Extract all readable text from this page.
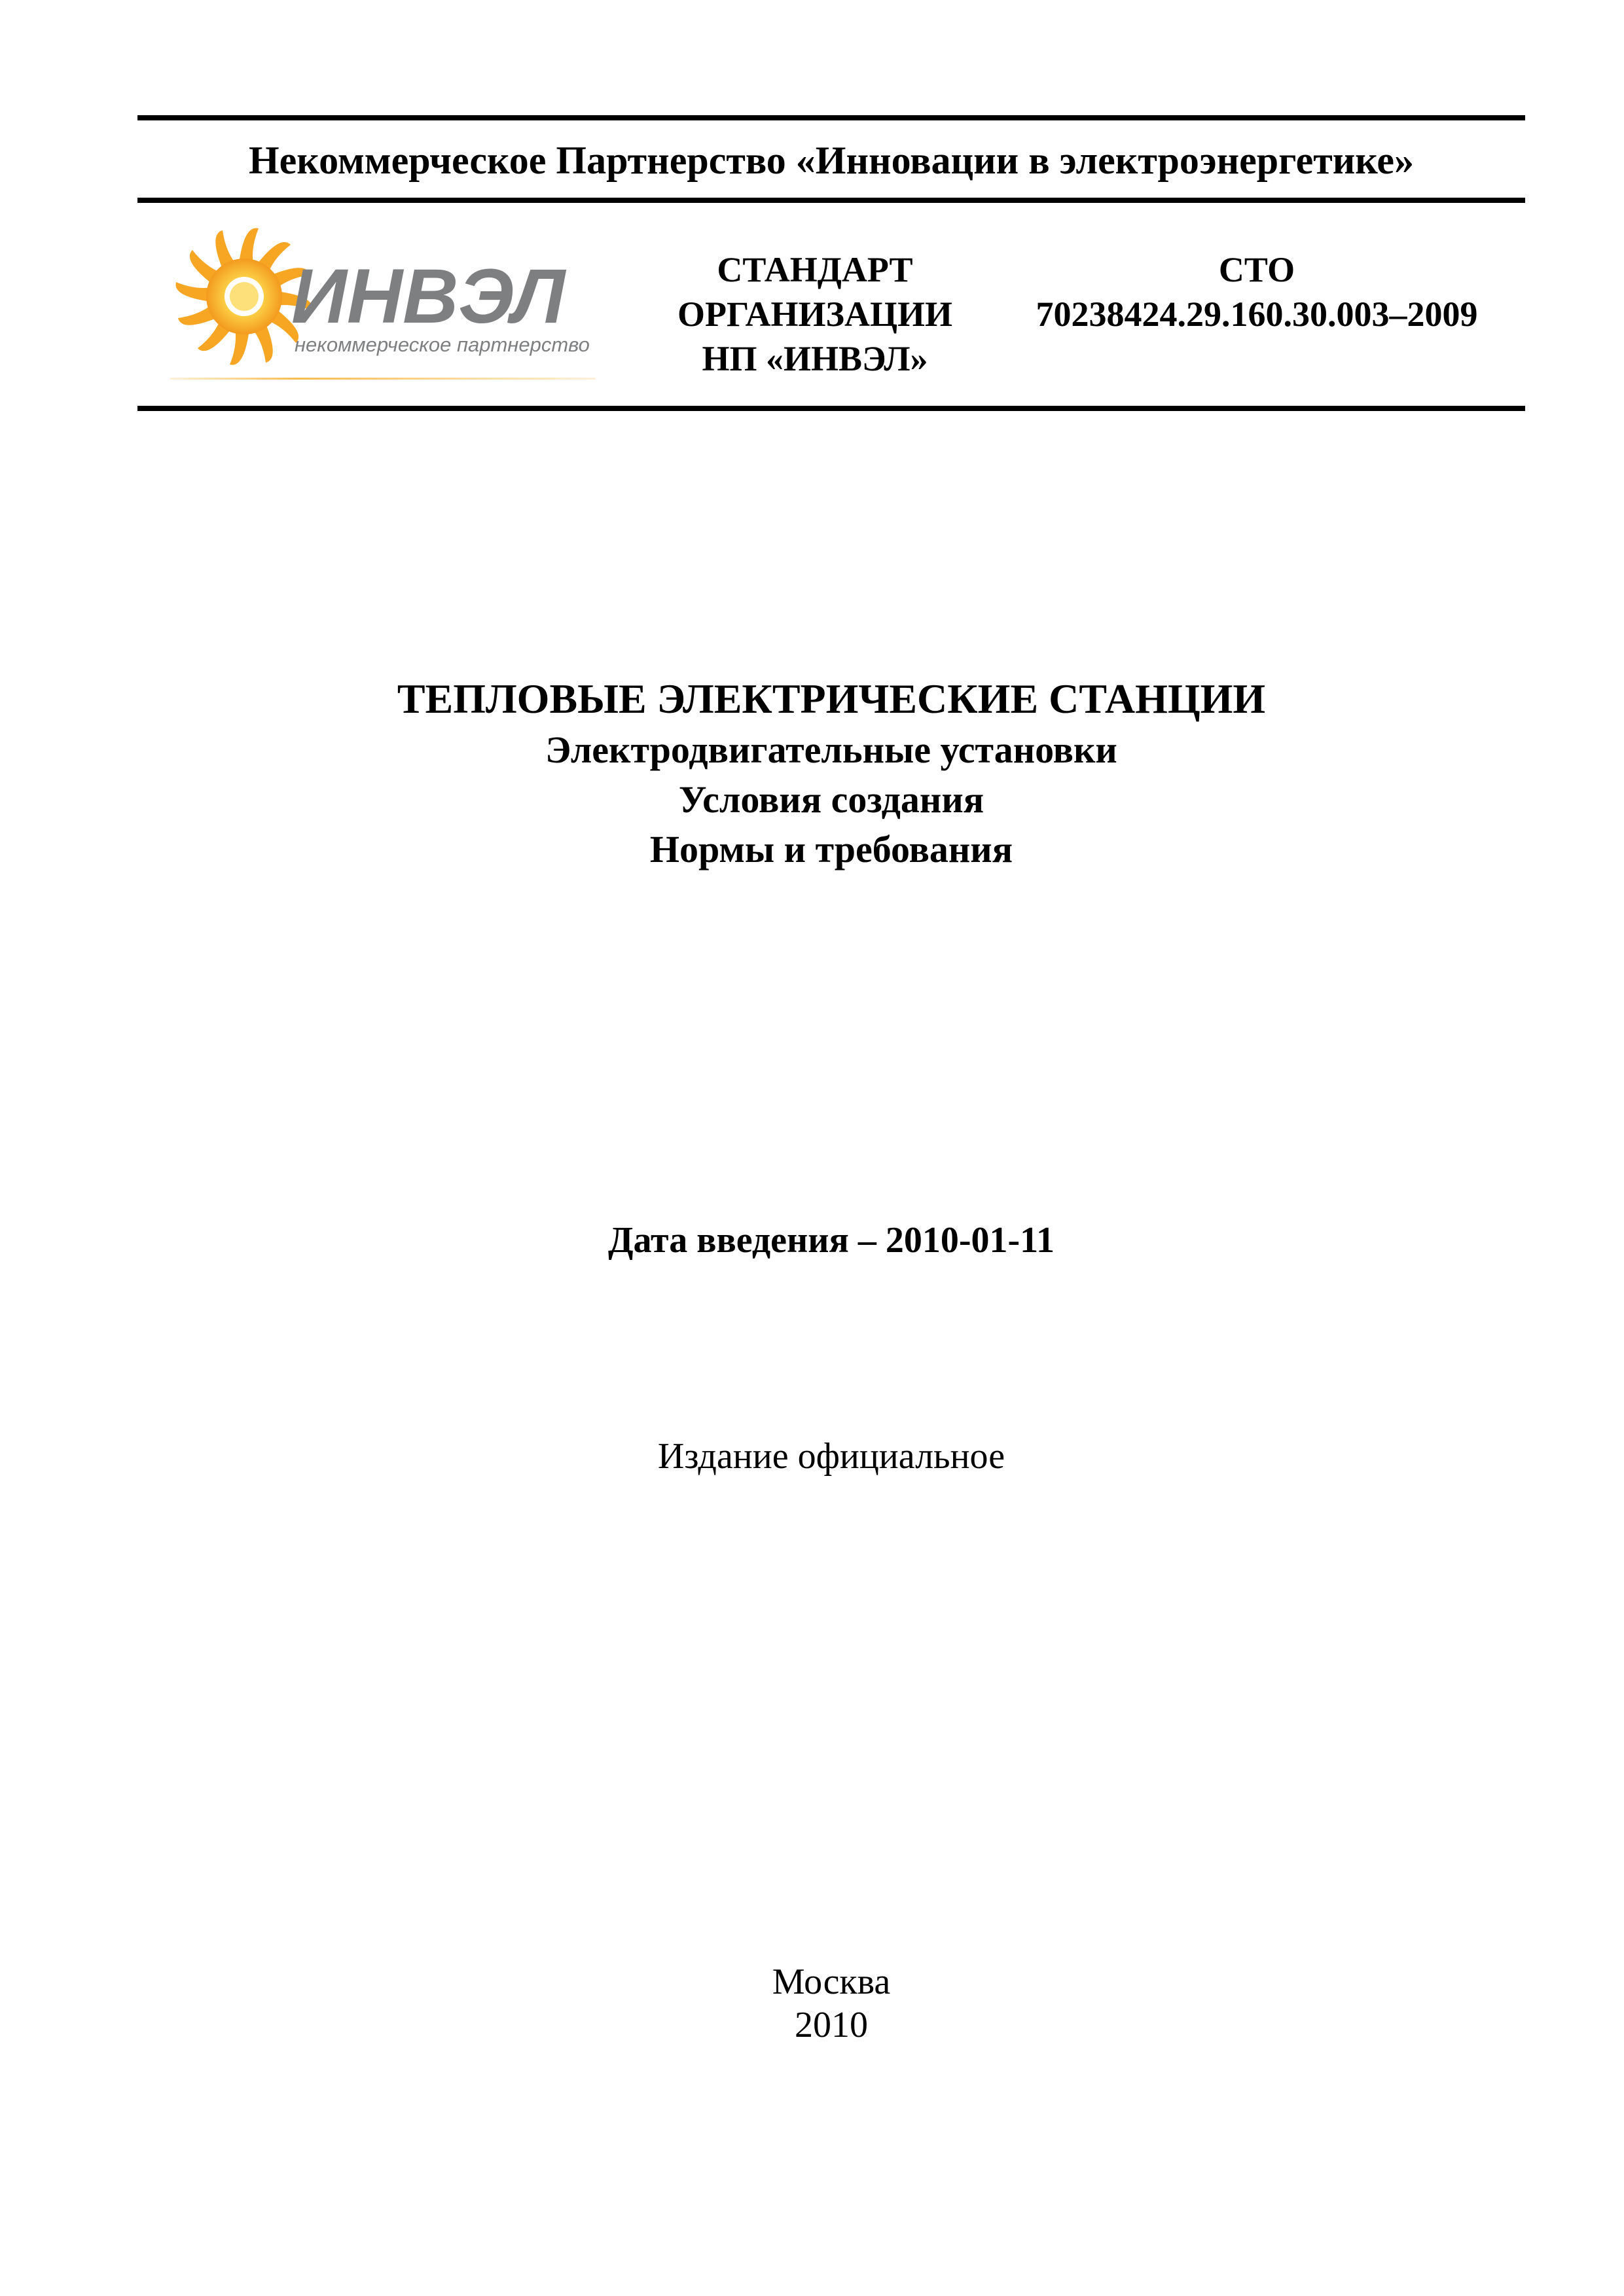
Некоммерческое Партнерство «Инновации в электроэнергетике»
ИНВЭЛ
некоммерческое партнерство
СТАНДАРТ
ОРГАНИЗАЦИИ
НП «ИНВЭЛ»
СТО
70238424.29.160.30.003–2009
ТЕПЛОВЫЕ ЭЛЕКТРИЧЕСКИЕ СТАНЦИИ
Электродвигательные установки
Условия создания
Нормы и требования
Дата введения – 2010-01-11
Издание официальное
Москва
2010
